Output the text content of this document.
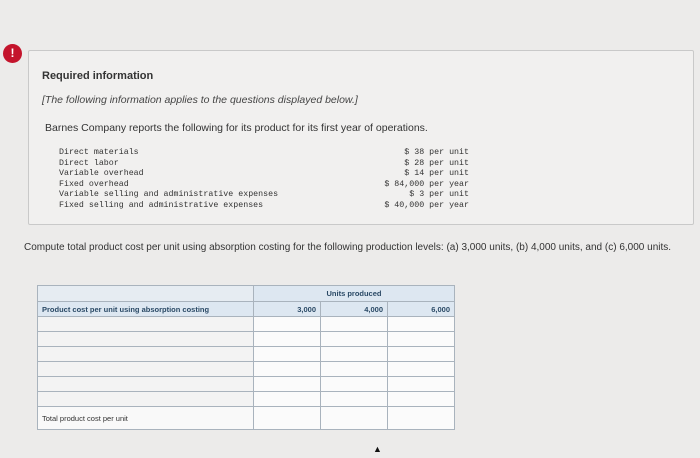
!
Required information
[The following information applies to the questions displayed below.]
Barnes Company reports the following for its product for its first year of operations.
Direct materials	$ 38 per unit
Direct labor	$ 28 per unit
Variable overhead	$ 14 per unit
Fixed overhead	$ 84,000 per year
Variable selling and administrative expenses	$ 3 per unit
Fixed selling and administrative expenses	$ 40,000 per year
Compute total product cost per unit using absorption costing for the following production levels: (a) 3,000 units, (b) 4,000 units, and (c) 6,000 units.
	Units produced		
Product cost per unit using absorption costing	3,000	4,000	6,000

Total product cost per unit			
▲
